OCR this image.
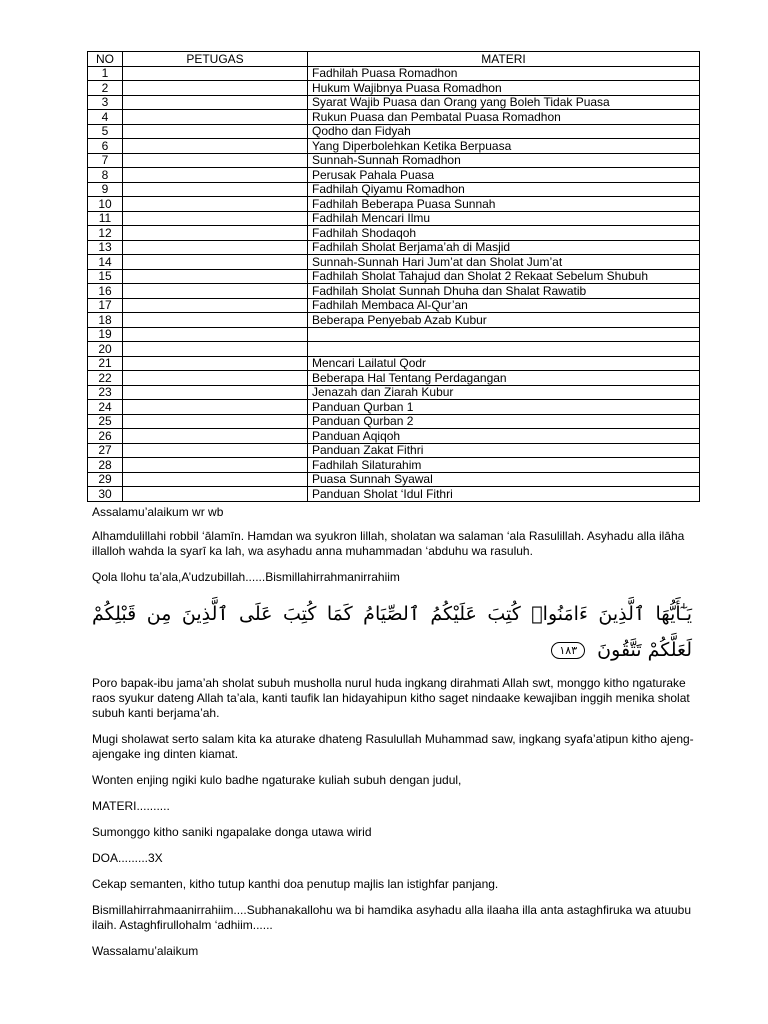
NO	PETUGAS	MATERI
1		Fadhilah Puasa Romadhon
2		Hukum Wajibnya Puasa Romadhon
3		Syarat Wajib Puasa dan Orang yang Boleh Tidak Puasa
4		Rukun Puasa dan Pembatal Puasa Romadhon
5		Qodho dan Fidyah
6		Yang Diperbolehkan Ketika Berpuasa
7		Sunnah-Sunnah Romadhon
8		Perusak Pahala Puasa
9		Fadhilah Qiyamu Romadhon
10		Fadhilah Beberapa Puasa Sunnah
11		Fadhilah Mencari Ilmu
12		Fadhilah Shodaqoh
13		Fadhilah Sholat Berjama’ah di Masjid
14		Sunnah-Sunnah Hari Jum’at dan Sholat Jum’at
15		Fadhilah Sholat Tahajud dan Sholat 2 Rekaat Sebelum Shubuh
16		Fadhilah Sholat Sunnah Dhuha dan Shalat Rawatib
17		Fadhilah Membaca Al-Qur’an
18		Beberapa Penyebab Azab Kubur
19		
20		
21		Mencari Lailatul Qodr
22		Beberapa Hal Tentang Perdagangan
23		Jenazah dan Ziarah Kubur
24		Panduan Qurban 1
25		Panduan Qurban 2
26		Panduan Aqiqoh
27		Panduan Zakat Fithri
28		Fadhilah Silaturahim
29		Puasa Sunnah Syawal
30		Panduan Sholat ‘Idul Fithri

Assalamu’alaikum wr wb

Alhamdulillahi robbil ‘ālamīn. Hamdan wa syukron lillah, sholatan wa salaman ‘ala Rasulillah. Asyhadu alla ilāha illalloh wahda la syarī ka lah, wa asyhadu anna muhammadan ‘abduhu wa rasuluh.

Qola llohu ta’ala,A’udzubillah......Bismillahirrahmanirrahiim

يَـٰٓأَيُّهَا ٱلَّذِينَ ءَامَنُوا۟ كُتِبَ عَلَيْكُمُ ٱلصِّيَامُ كَمَا كُتِبَ عَلَى ٱلَّذِينَ مِن قَبْلِكُمْ لَعَلَّكُمْ تَتَّقُونَ ١٨٣

Poro bapak-ibu jama’ah sholat subuh musholla nurul huda ingkang dirahmati Allah swt, monggo kitho ngaturake raos syukur dateng Allah ta’ala, kanti taufik lan hidayahipun kitho saget nindaake kewajiban inggih menika sholat subuh kanti berjama’ah.

Mugi sholawat serto salam kita ka aturake dhateng Rasulullah Muhammad saw, ingkang syafa’atipun kitho ajeng-ajengake ing dinten kiamat.

Wonten enjing ngiki kulo badhe ngaturake kuliah subuh dengan judul,

MATERI..........

Sumonggo kitho saniki ngapalake donga utawa wirid

DOA.........3X

Cekap semanten, kitho tutup kanthi doa penutup majlis lan istighfar panjang.

Bismillahirrahmaanirrahiim....Subhanakallohu wa bi hamdika asyhadu alla ilaaha illa anta astaghfiruka wa atuubu ilaih. Astaghfirullohalm ‘adhiim......

Wassalamu’alaikum
